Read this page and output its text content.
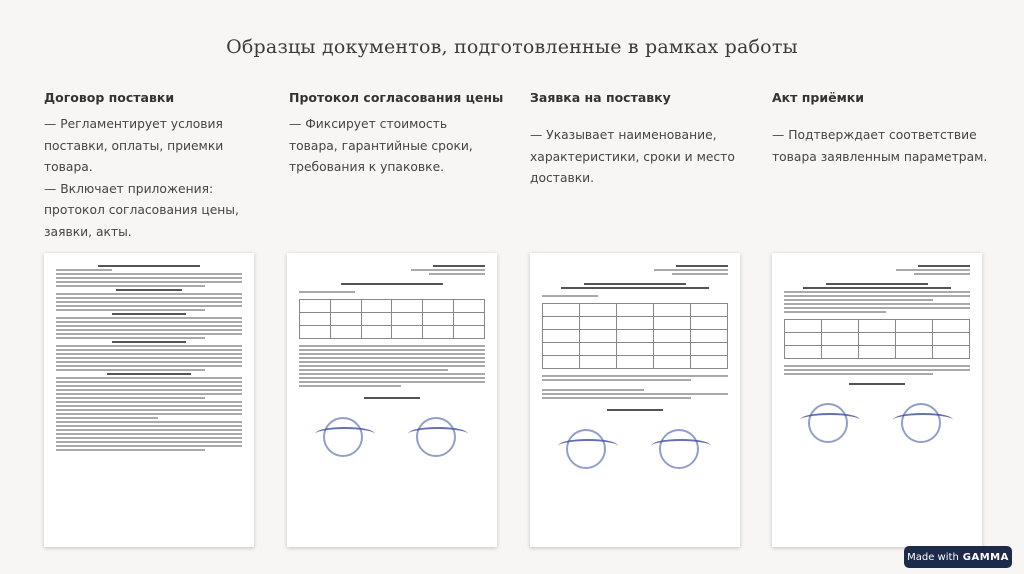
Образцы документов, подготовленные в рамках работы
Договор поставки

— Регламентирует условия

поставки, оплаты, приемки

товара.

— Включает приложения:

протокол согласования цены,

заявки, акты.

Протокол согласования цены

— Фиксирует стоимость

товара, гарантийные сроки,

требования к упаковке.

Заявка на поставку

— Указывает наименование,

характеристики, сроки и место

доставки.

Акт приёмки

— Подтверждает соответствие

товара заявленным параметрам.

Made with GAMMA
